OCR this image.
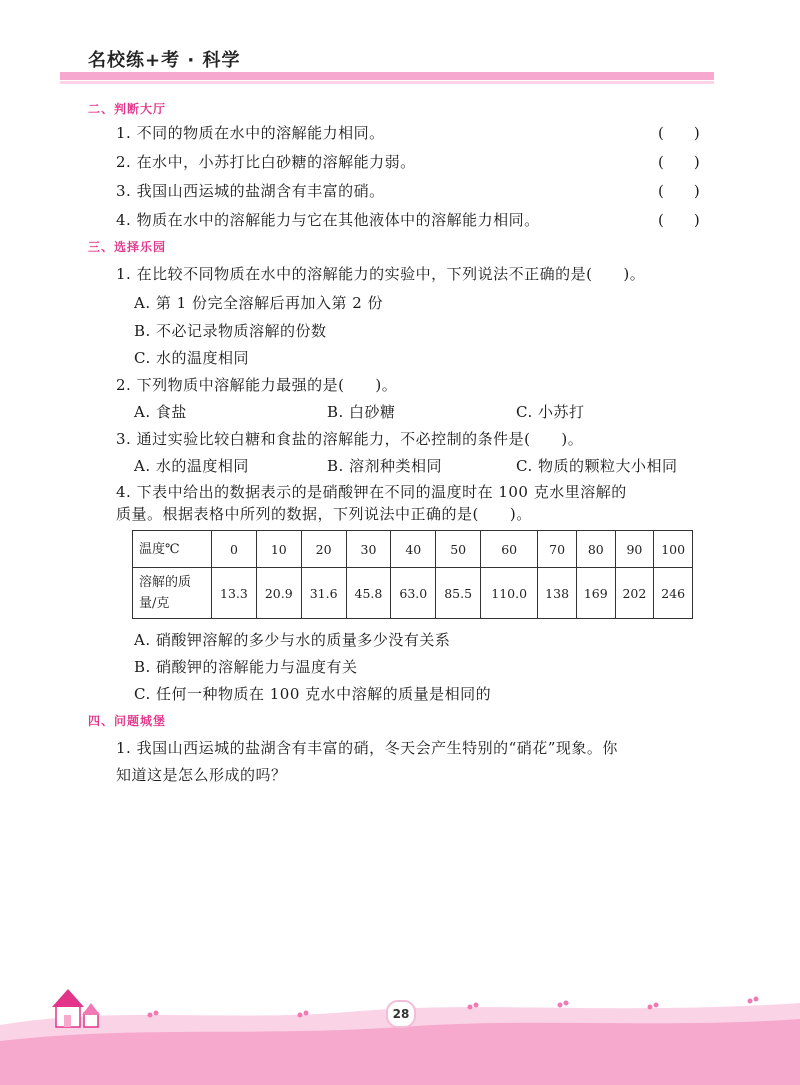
名校练+考 · 科学
二、判断大厅
1. 不同的物质在水中的溶解能力相同。	(　　)
2. 在水中，小苏打比白砂糖的溶解能力弱。	(　　)
3. 我国山西运城的盐湖含有丰富的硝。	(　　)
4. 物质在水中的溶解能力与它在其他液体中的溶解能力相同。	(　　)
三、选择乐园
1. 在比较不同物质在水中的溶解能力的实验中，下列说法不正确的是(　　)。
A. 第 1 份完全溶解后再加入第 2 份
B. 不必记录物质溶解的份数
C. 水的温度相同
2. 下列物质中溶解能力最强的是(　　)。
A. 食盐	B. 白砂糖	C. 小苏打
3. 通过实验比较白糖和食盐的溶解能力，不必控制的条件是(　　)。
A. 水的温度相同	B. 溶剂种类相同	C. 物质的颗粒大小相同
4. 下表中给出的数据表示的是硝酸钾在不同的温度时在 100 克水里溶解的
质量。根据表格中所列的数据，下列说法中正确的是(　　)。
温度℃	0	10	20	30	40	50	60	70	80	90	100
溶解的质
量/克	13.3	20.9	31.6	45.8	63.0	85.5	110.0	138	169	202	246
A. 硝酸钾溶解的多少与水的质量多少没有关系
B. 硝酸钾的溶解能力与温度有关
C. 任何一种物质在 100 克水中溶解的质量是相同的
四、问题城堡
1. 我国山西运城的盐湖含有丰富的硝，冬天会产生特别的“硝花”现象。你
知道这是怎么形成的吗？
28
